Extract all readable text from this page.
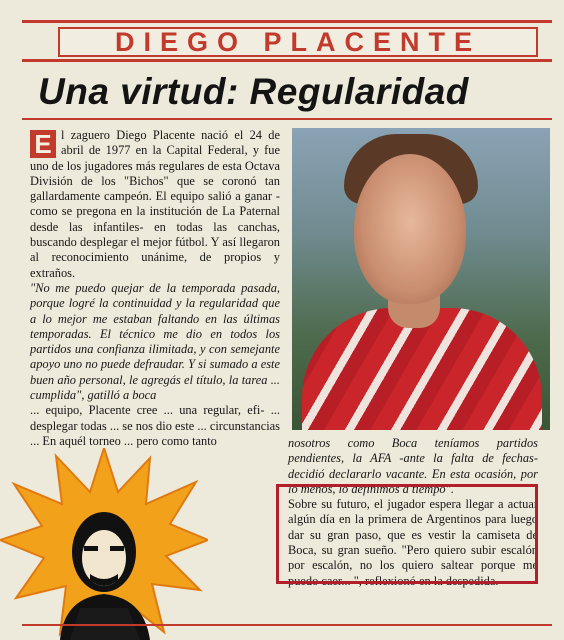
DIEGO PLACENTE
Una virtud: Regularidad

E l zaguero Diego Placente nació el 24 de abril de 1977 en la Capital Federal, y fue uno de los jugadores más regulares de esta Octava División de los "Bichos" que se coronó tan gallardamente campeón. El equipo salió a ganar -como se pregona en la institución de La Paternal desde las infantiles- en todas las canchas, buscando desplegar el mejor fútbol. Y así llegaron al reconocimiento unánime, de propios y extraños.

"No me puedo quejar de la temporada pasada, porque logré la continuidad y la regularidad que a lo mejor me estaban faltando en las últimas temporadas. El técnico me dio en todos los partidos una confianza ilimitada, y con semejante apoyo uno no puede defraudar. Y si sumado a este buen año personal, le agregás el título, la tarea ... cumplida", gatilló a boca

... equipo, Placente cree ... una regular, efi- ... desplegar todas ... se nos dio este ... circunstancias ... En aquél torneo ... pero como tanto	nosotros como Boca teníamos partidos pendientes, la AFA -ante la falta de fechas- decidió declararlo vacante. En esta ocasión, por lo menos, lo definimos a tiempo".

Sobre su futuro, el jugador espera llegar a actuar algún día en la primera de Argentinos para luego dar su gran paso, que es vestir la camiseta de Boca, su gran sueño. "Pero quiero subir escalón por escalón, no los quiero saltear porque me puedo caer... ", reflexionó en la despedida.
